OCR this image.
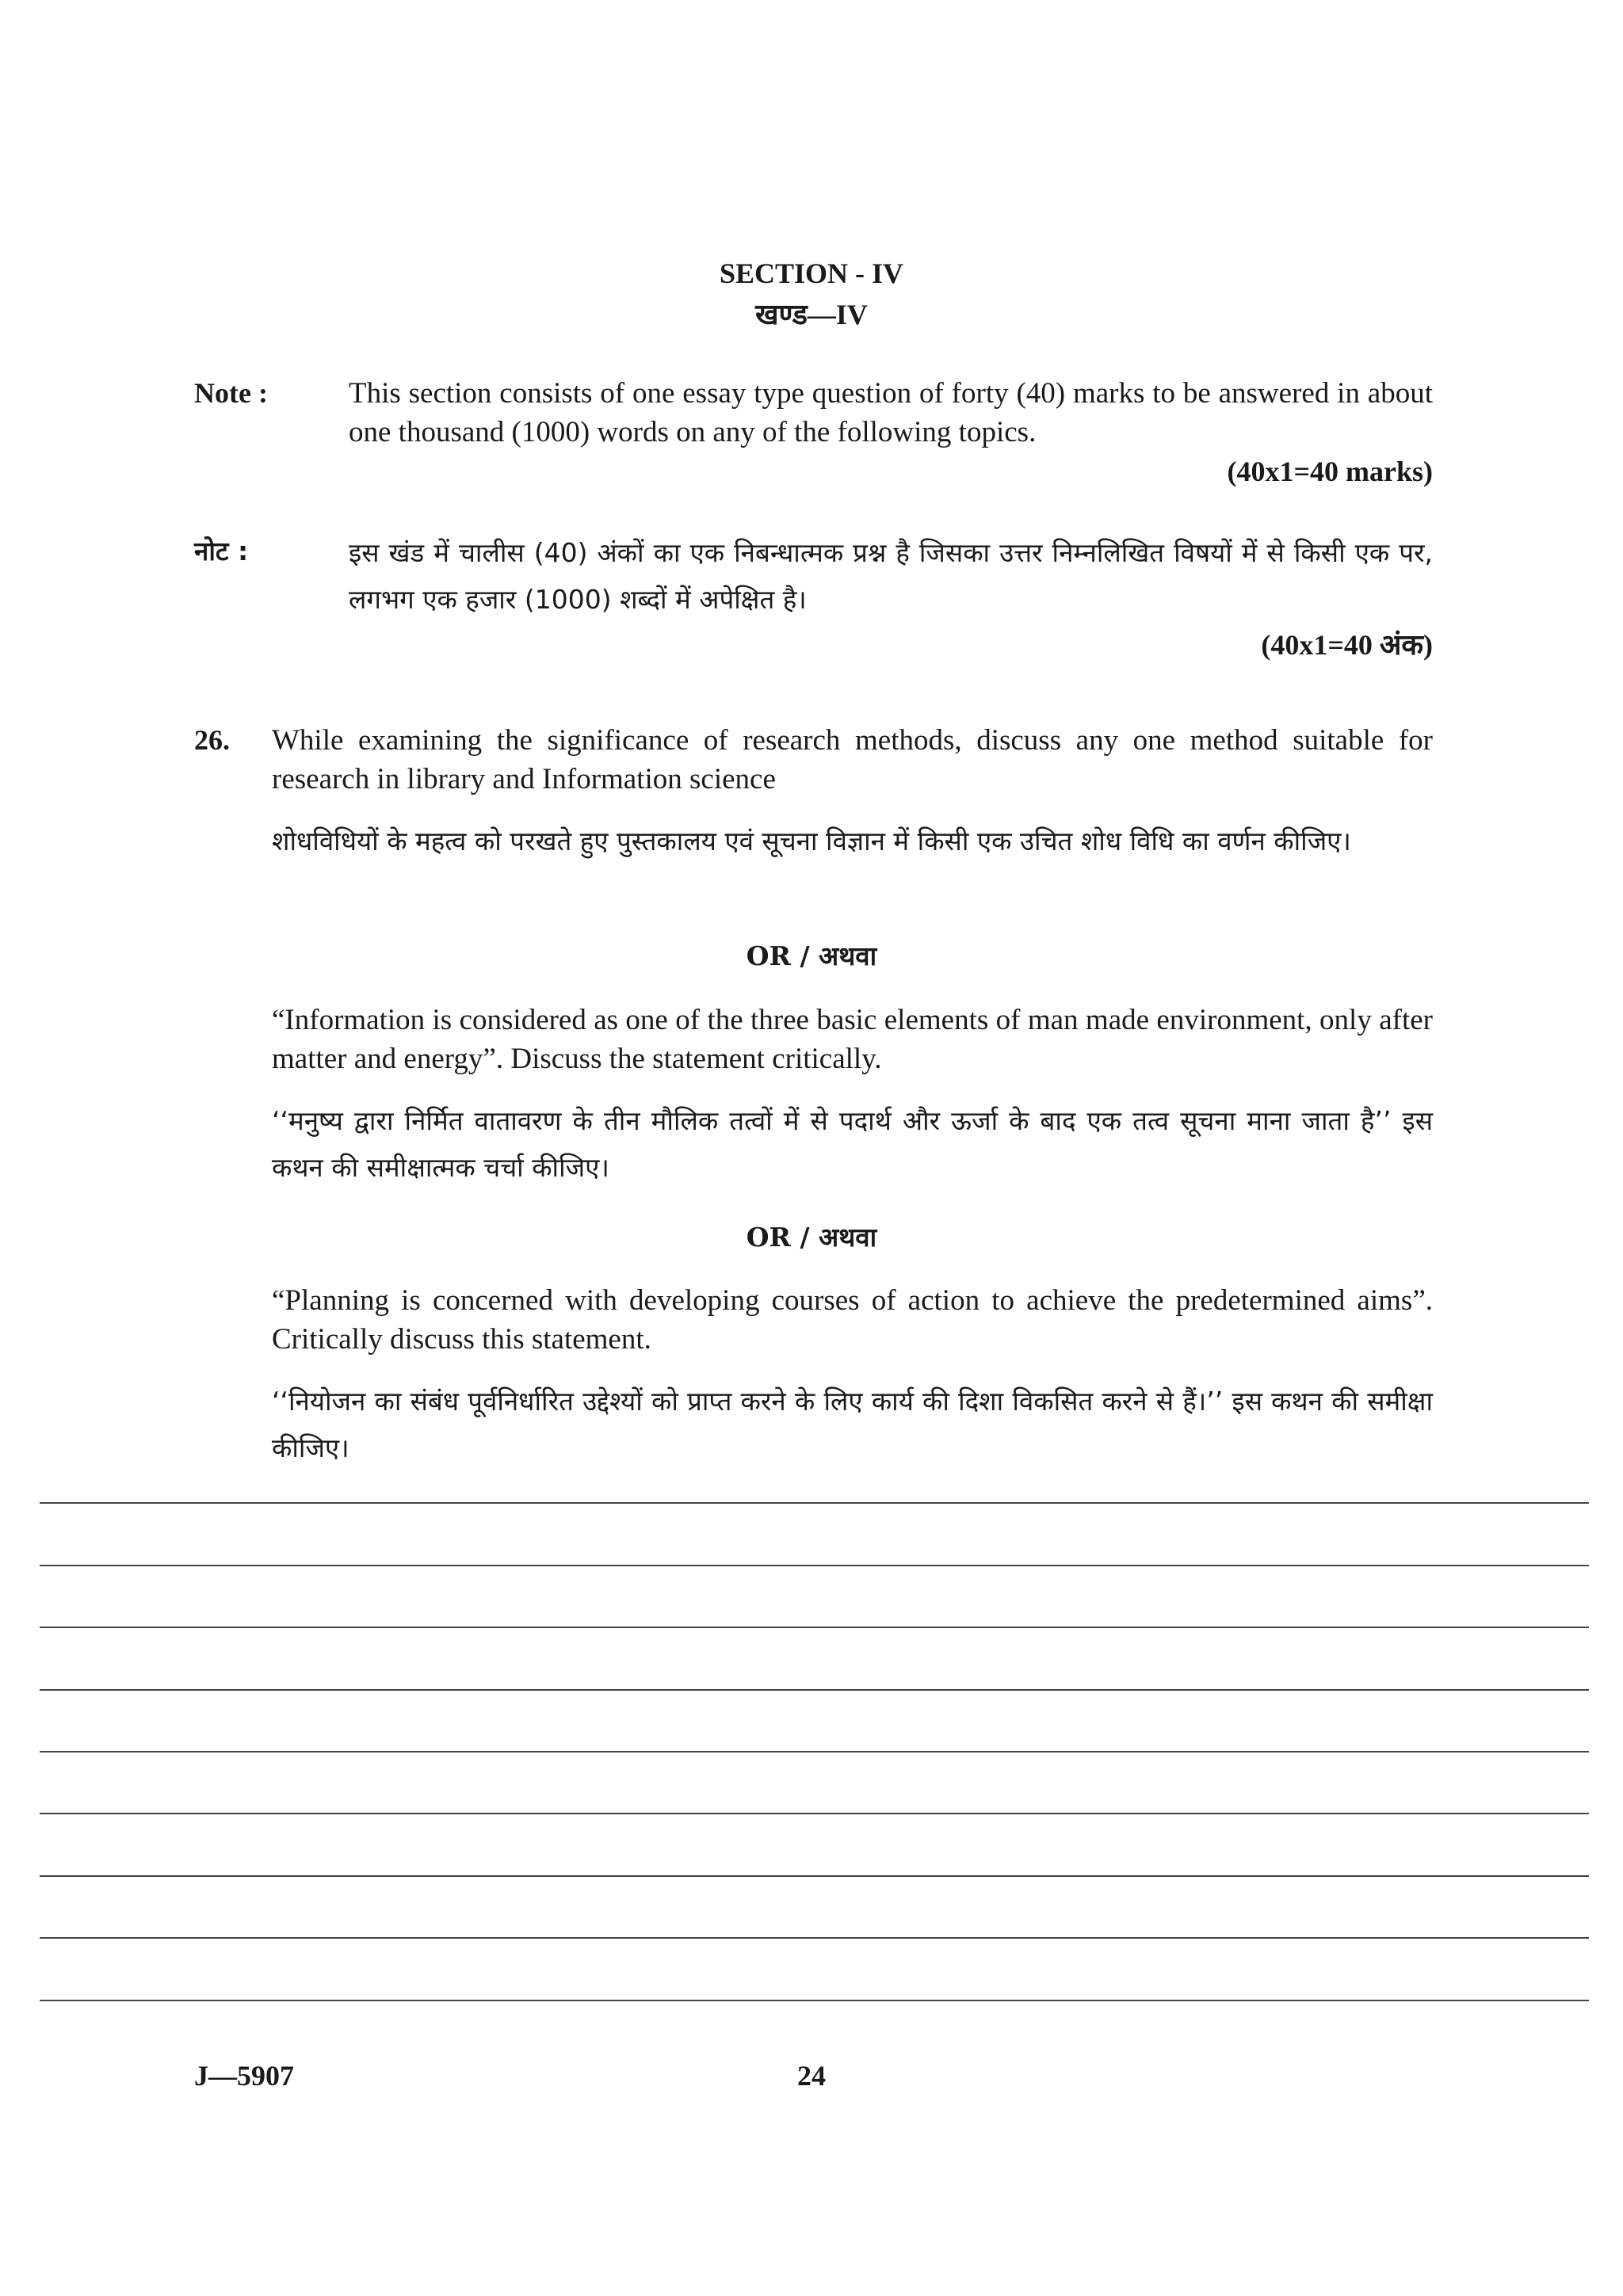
SECTION - IV
खण्ड—IV
Note :	This section consists of one essay type question of forty (40) marks to be answered in about one thousand (1000) words on any of the following topics.
(40x1=40 marks)
नोट :	इस खंड में चालीस (40) अंकों का एक निबन्धात्मक प्रश्न है जिसका उत्तर निम्नलिखित विषयों में से किसी एक पर, लगभग एक हजार (1000) शब्दों में अपेक्षित है।
(40x1=40 अंक)
26. While examining the significance of research methods, discuss any one method suitable for research in library and Information science
शोधविधियों के महत्व को परखते हुए पुस्तकालय एवं सूचना विज्ञान में किसी एक उचित शोध विधि का वर्णन कीजिए।
OR / अथवा
“Information is considered as one of the three basic elements of man made environment, only after matter and energy”. Discuss the statement critically.
‘‘मनुष्य द्वारा निर्मित वातावरण के तीन मौलिक तत्वों में से पदार्थ और ऊर्जा के बाद एक तत्व सूचना माना जाता है’’ इस कथन की समीक्षात्मक चर्चा कीजिए।
OR / अथवा
“Planning is concerned with developing courses of action to achieve the predetermined aims”. Critically discuss this statement.
‘‘नियोजन का संबंध पूर्वनिर्धारित उद्देश्यों को प्राप्त करने के लिए कार्य की दिशा विकसित करने से हैं।’’ इस कथन की समीक्षा कीजिए।
J—5907	24
